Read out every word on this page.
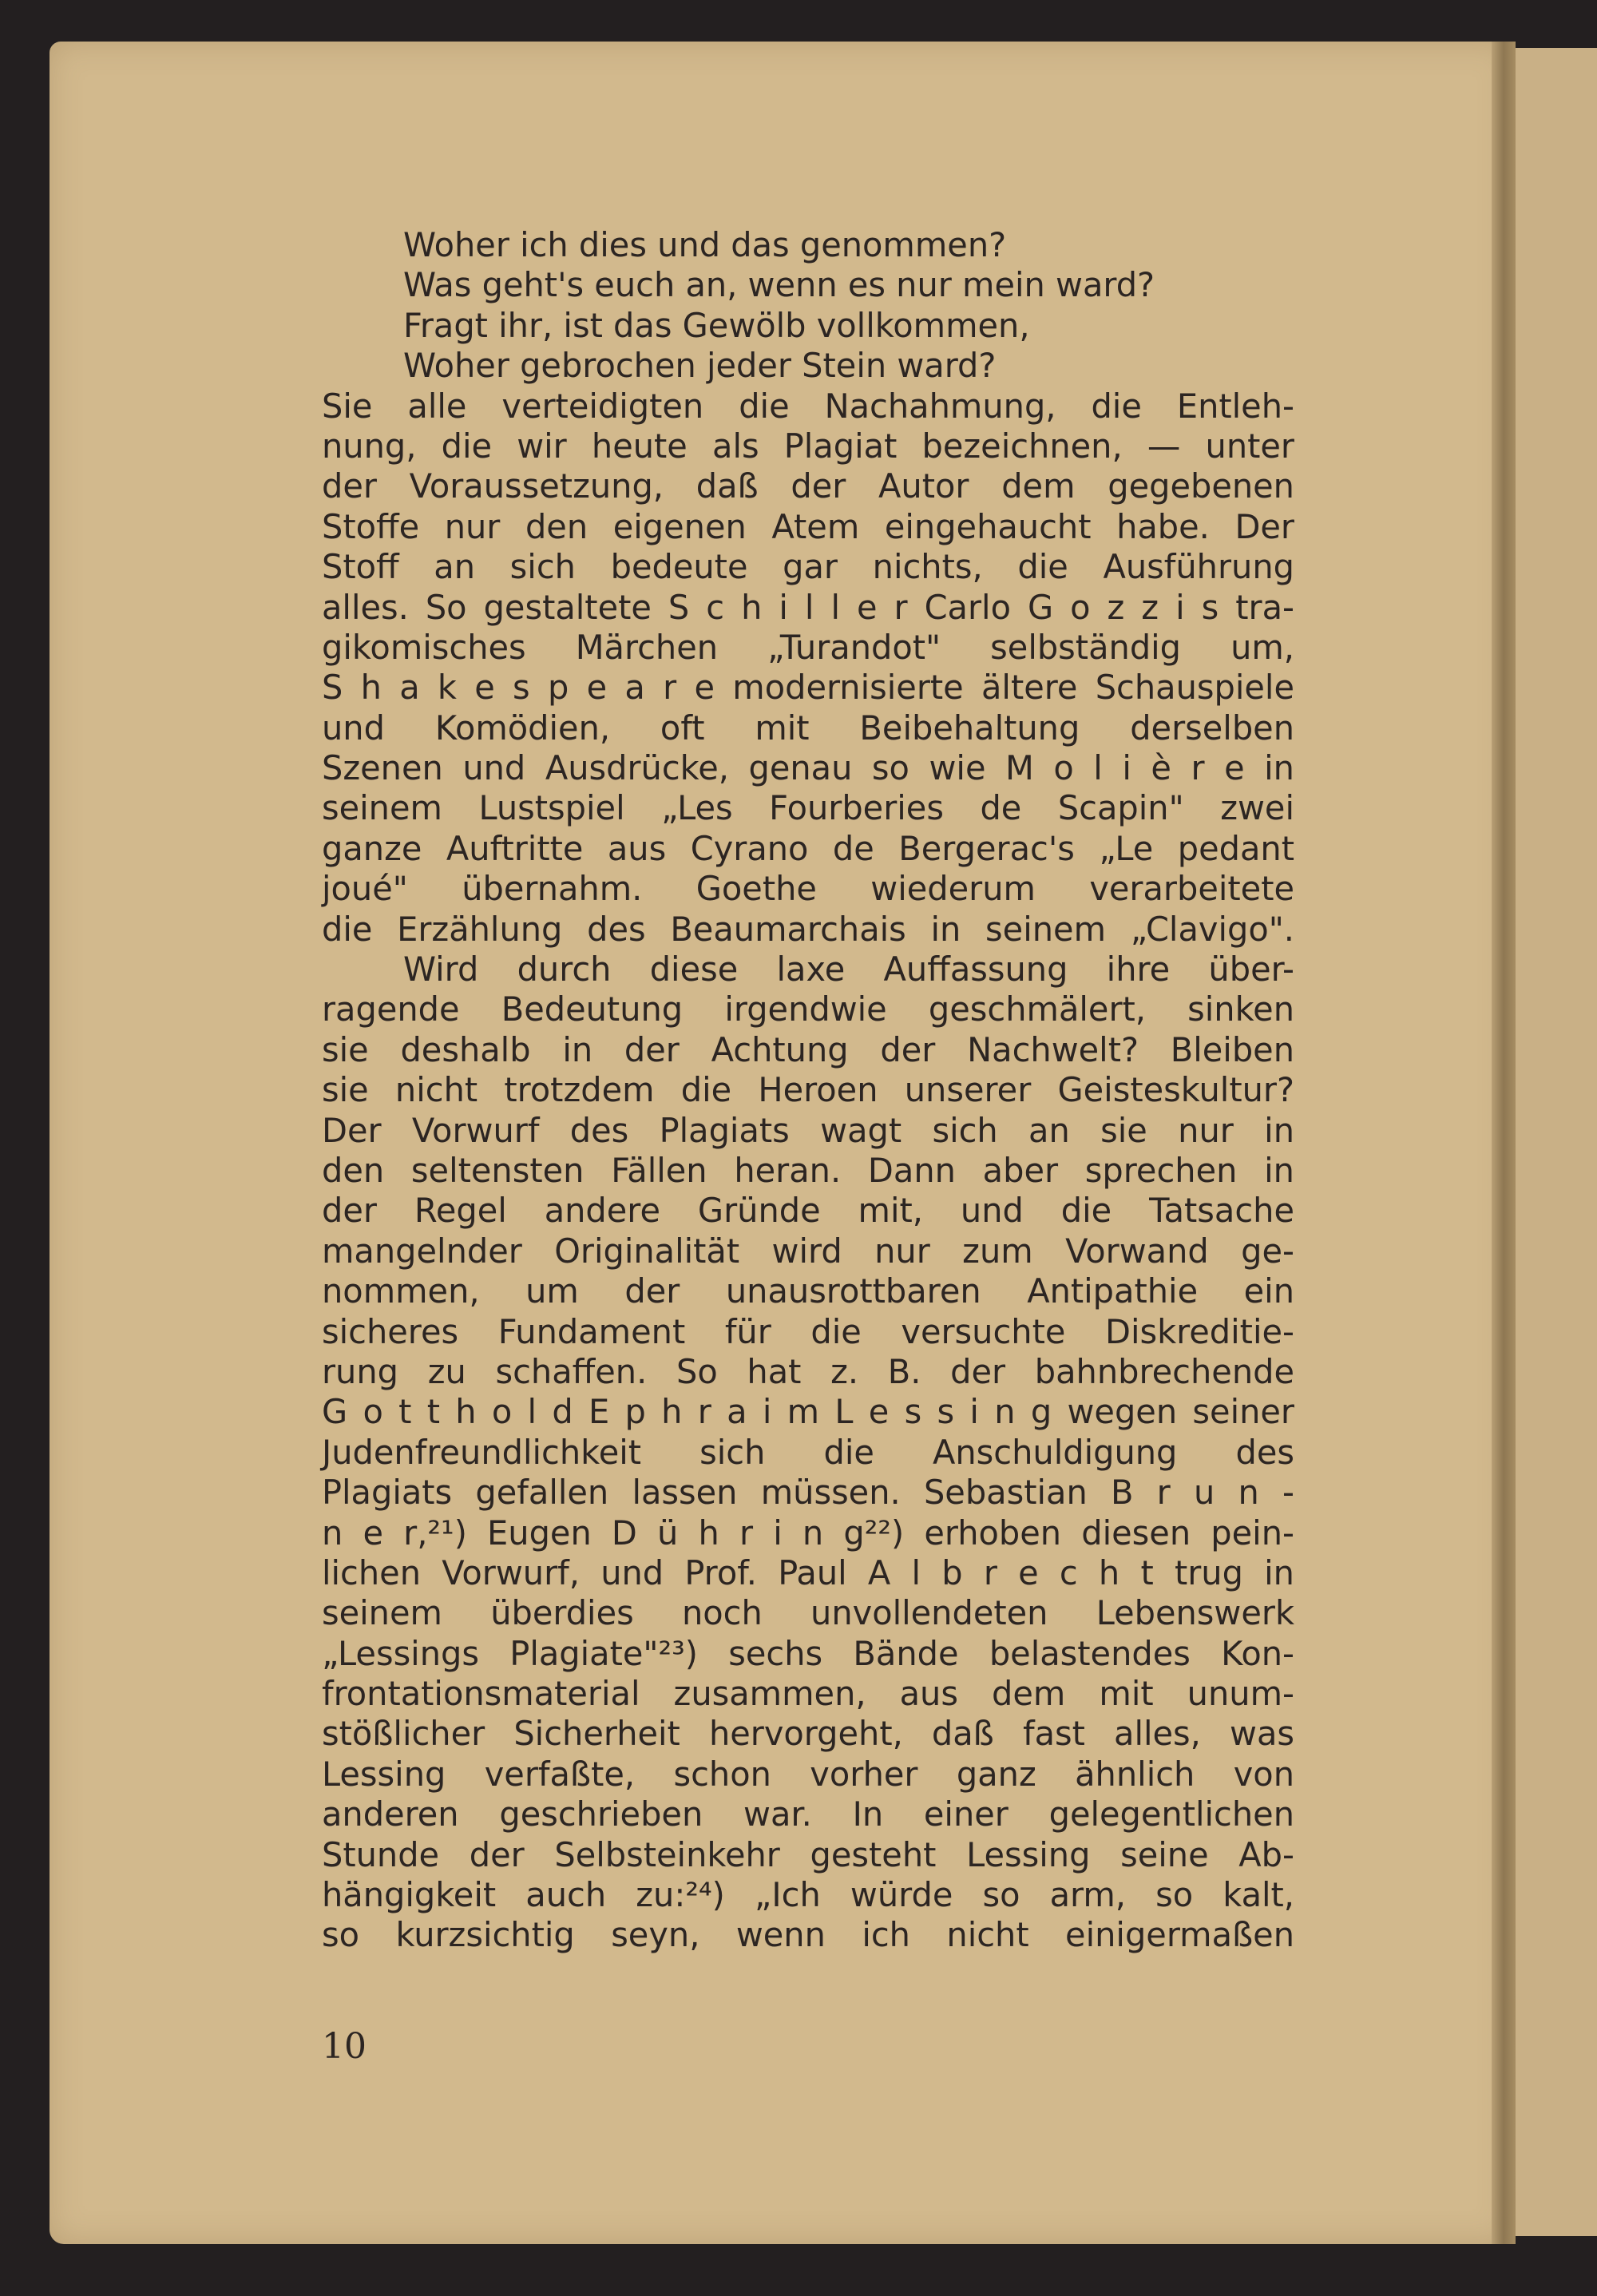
Woher ich dies und das genommen?
Was geht's euch an, wenn es nur mein ward?
Fragt ihr, ist das Gewölb vollkommen,
Woher gebrochen jeder Stein ward?
Sie alle verteidigten die Nachahmung, die Entleh-
nung, die wir heute als Plagiat bezeichnen, — unter
der Voraussetzung, daß der Autor dem gegebenen
Stoffe nur den eigenen Atem eingehaucht habe. Der
Stoff an sich bedeute gar nichts, die Ausführung
alles. So gestaltete S c h i l l e r Carlo G o z z i s tra-
gikomisches Märchen „Turandot" selbständig um,
S h a k e s p e a r e modernisierte ältere Schauspiele
und Komödien, oft mit Beibehaltung derselben
Szenen und Ausdrücke, genau so wie M o l i è r e in
seinem Lustspiel „Les Fourberies de Scapin" zwei
ganze Auftritte aus Cyrano de Bergerac's „Le pedant
joué" übernahm. Goethe wiederum verarbeitete
die Erzählung des Beaumarchais in seinem „Clavigo".
Wird durch diese laxe Auffassung ihre über-
ragende Bedeutung irgendwie geschmälert, sinken
sie deshalb in der Achtung der Nachwelt? Bleiben
sie nicht trotzdem die Heroen unserer Geisteskultur?
Der Vorwurf des Plagiats wagt sich an sie nur in
den seltensten Fällen heran. Dann aber sprechen in
der Regel andere Gründe mit, und die Tatsache
mangelnder Originalität wird nur zum Vorwand ge-
nommen, um der unausrottbaren Antipathie ein
sicheres Fundament für die versuchte Diskreditie-
rung zu schaffen. So hat z. B. der bahnbrechende
G o t t h o l d E p h r a i m L e s s i n g wegen seiner
Judenfreundlichkeit sich die Anschuldigung des
Plagiats gefallen lassen müssen. Sebastian B r u n -
n e r,²¹) Eugen D ü h r i n g²²) erhoben diesen pein-
lichen Vorwurf, und Prof. Paul A l b r e c h t trug in
seinem überdies noch unvollendeten Lebenswerk
„Lessings Plagiate"²³) sechs Bände belastendes Kon-
frontationsmaterial zusammen, aus dem mit unum-
stößlicher Sicherheit hervorgeht, daß fast alles, was
Lessing verfaßte, schon vorher ganz ähnlich von
anderen geschrieben war. In einer gelegentlichen
Stunde der Selbsteinkehr gesteht Lessing seine Ab-
hängigkeit auch zu:²⁴) „Ich würde so arm, so kalt,
so kurzsichtig seyn, wenn ich nicht einigermaßen
10
